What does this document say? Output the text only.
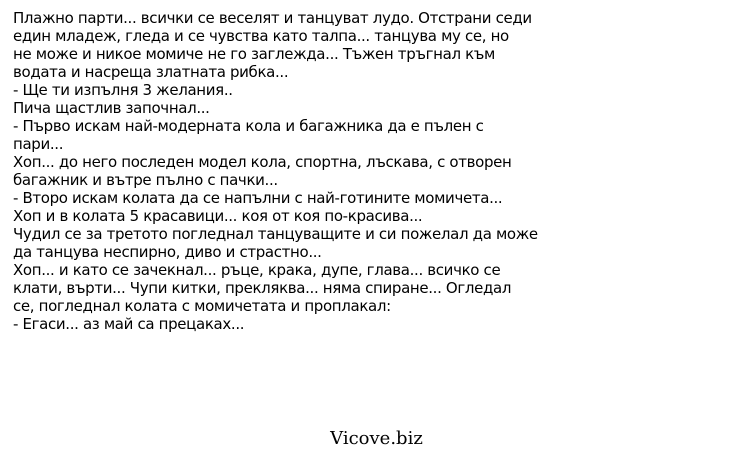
Плажно парти... всички се веселят и танцуват лудо. Отстрани седи
един младеж, гледа и се чувства като талпа... танцува му се, но
не може и никое момиче не го заглежда... Тъжен тръгнал към
водата и насреща златната рибка...
- Ще ти изпълня 3 желания..
Пича щастлив започнал...
- Първо искам най-модерната кола и багажника да е пълен с
пари...
Хоп... до него последен модел кола, спортна, лъскава, с отворен
багажник и вътре пълно с пачки...
- Второ искам колата да се напълни с най-готините момичета...
Хоп и в колата 5 красавици... коя от коя по-красива...
Чудил се за третото погледнал танцуващите и си пожелал да може
да танцува неспирно, диво и страстно...
Хоп... и като се зачекнал... ръце, крака, дупе, глава... всичко се
клати, върти... Чупи китки, прекляква... няма спиране... Огледал
се, погледнал колата с момичетата и проплакал:
- Егаси... аз май са прецаках...

Vicove.biz
